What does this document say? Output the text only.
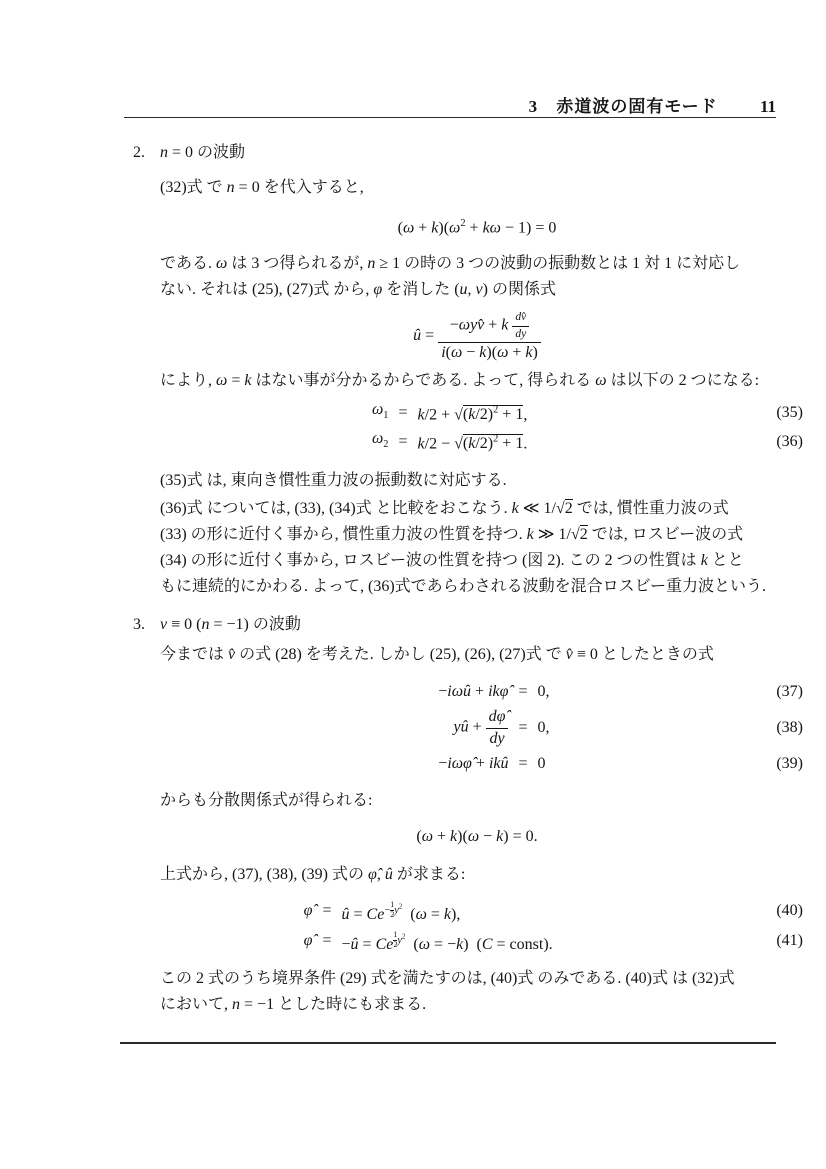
3 赤道波の固有モード 11
2. n = 0 の波動

(32)式 で n = 0 を代入すると,

$(\omega + k)(\omega^2 + k\omega - 1) = 0$

である. ω は 3 つ得られるが, n ≥ 1 の時の 3 つの波動の振動数とは 1 対 1 に対応し
ない. それは (25), (27)式 から, φ を消した (u, v) の関係式

û = $\frac{-\omega yv̂ + k \frac{dv̂}{dy}}{i(\omega - k)(\omega + k)}$

により, ω = k はない事が分かるからである. よって, 得られる ω は以下の 2 つになる:

$\omega_1 = k/2 + √(k/2)^2 + 1$,	(35)
$\omega_2 = k/2 - √(k/2)^2 + 1$.	(36)

(35)式 は, 東向き慣性重力波の振動数に対応する.

(36)式 については, (33), (34)式 と比較をおこなう. k ≪ 1/√2 では, 慣性重力波の式
(33) の形に近付く事から, 慣性重力波の性質を持つ. k ≫ 1/√2 では, ロスビー波の式
(34) の形に近付く事から, ロスビー波の性質を持つ (図 2). この 2 つの性質は k とと
もに連続的にかわる. よって, (36)式であらわされる波動を混合ロスビー重力波という.

3. v ≡ 0 (n = −1) の波動

今までは v̂ の式 (28) を考えた. しかし (25), (26), (27)式 で v̂ ≡ 0 としたときの式

−iωû + ikφ̂ = 0,	(37)
yû + $\frac{d\varphî}{dy} = 0$,	(38)
−iωφ̂ + ikû = 0	(39)

からも分散関係式が得られる:

(ω + k)(ω − k) = 0.

上式から, (37), (38), (39) 式の φ̂, û が求まる:

φ̂ = û = $Ce^{- \frac{1}{2} y^2}$  (ω = k),	(40)
φ̂ = −û = Ce $^{\frac{1}{2} y^2}$  (ω = −k)  (C = const).	(41)

この 2 式のうち境界条件 (29) 式を満たすのは, (40)式 のみである. (40)式 は (32)式
において, n = −1 とした時にも求まる.
